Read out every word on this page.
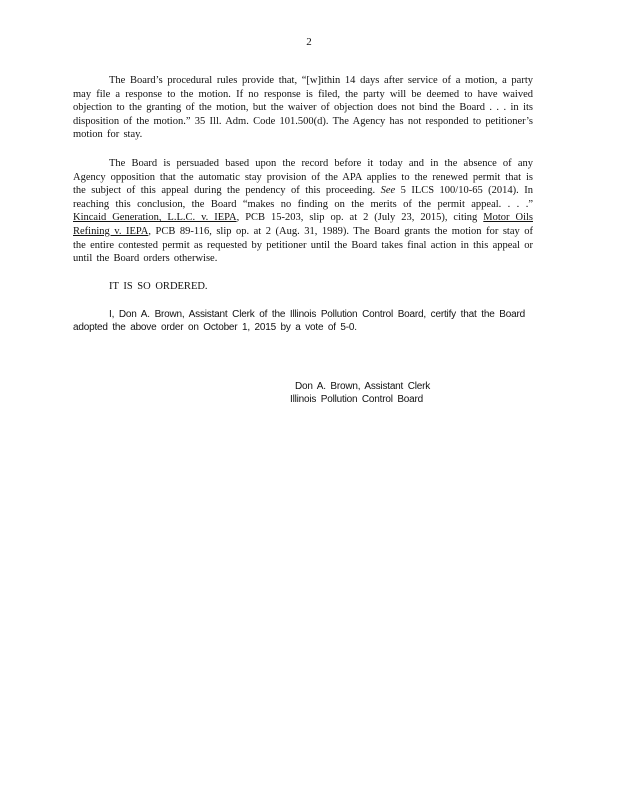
2
The Board’s procedural rules provide that, “[w]ithin 14 days after service of a motion, a party may file a response to the motion. If no response is filed, the party will be deemed to have waived objection to the granting of the motion, but the waiver of objection does not bind the Board . . . in its disposition of the motion.” 35 Ill. Adm. Code 101.500(d). The Agency has not responded to petitioner’s motion for stay.
The Board is persuaded based upon the record before it today and in the absence of any Agency opposition that the automatic stay provision of the APA applies to the renewed permit that is the subject of this appeal during the pendency of this proceeding. See 5 ILCS 100/10-65 (2014). In reaching this conclusion, the Board “makes no finding on the merits of the permit appeal. . . .” Kincaid Generation, L.L.C. v. IEPA, PCB 15-203, slip op. at 2 (July 23, 2015), citing Motor Oils Refining v. IEPA, PCB 89-116, slip op. at 2 (Aug. 31, 1989). The Board grants the motion for stay of the entire contested permit as requested by petitioner until the Board takes final action in this appeal or until the Board orders otherwise.
IT IS SO ORDERED.
I, Don A. Brown, Assistant Clerk of the Illinois Pollution Control Board, certify that the Board adopted the above order on October 1, 2015 by a vote of 5-0.
Don A. Brown, Assistant Clerk
Illinois Pollution Control Board
